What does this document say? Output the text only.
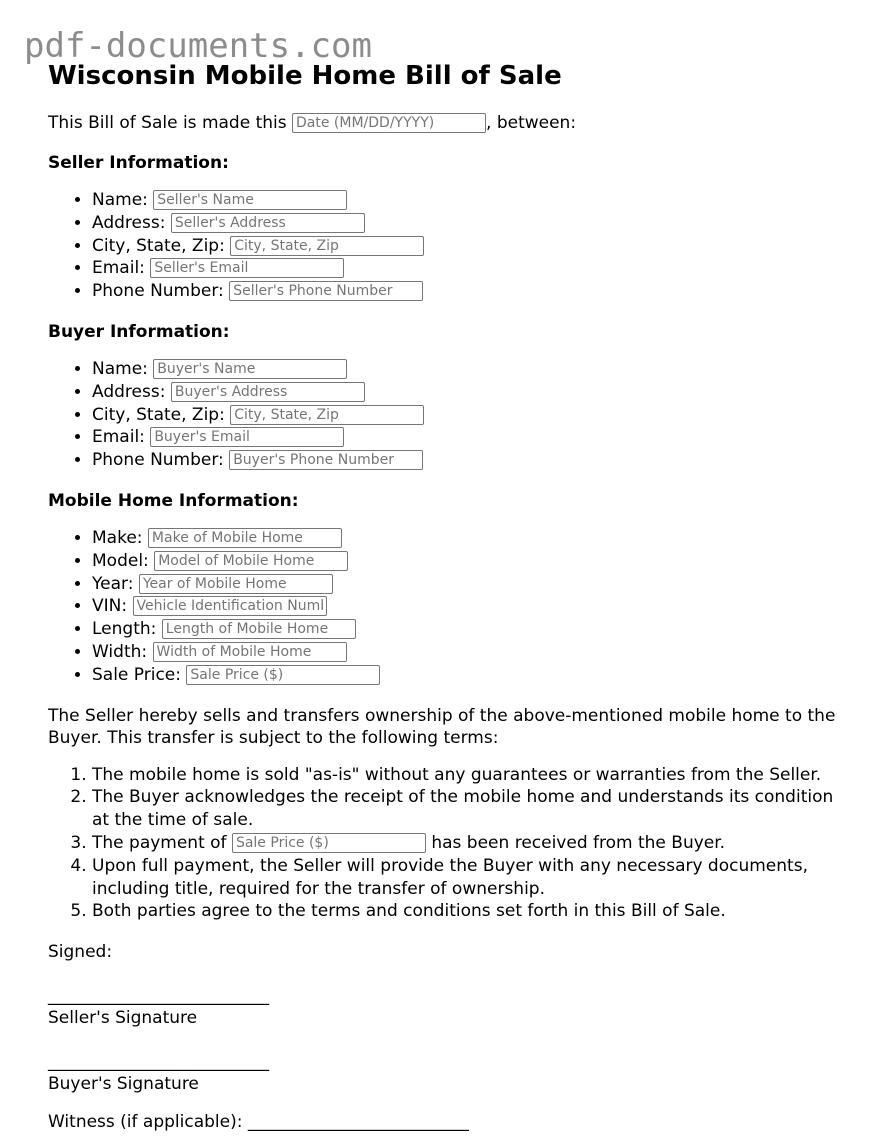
pdf-documents.com
Wisconsin Mobile Home Bill of Sale
This Bill of Sale is made this Date (MM/DD/YYYY)	, between:
Seller Information:
• Name: Seller's Name
• Address: Seller's Address
• City, State, Zip: City, State, Zip
• Email: Seller's Email
• Phone Number: Seller's Phone Number
Buyer Information:
• Name: Buyer's Name
• Address: Buyer's Address
• City, State, Zip: City, State, Zip
• Email: Buyer's Email
• Phone Number: Buyer's Phone Number
Mobile Home Information:
• Make: Make of Mobile Home
• Model: Model of Mobile Home
• Year: Year of Mobile Home
• VIN: Vehicle Identification Number
• Length: Length of Mobile Home
• Width: Width of Mobile Home
• Sale Price: Sale Price ($)

The Seller hereby sells and transfers ownership of the above-mentioned mobile home to the Buyer. This transfer is subject to the following terms:

1. The mobile home is sold "as-is" without any guarantees or warranties from the Seller.
2. The Buyer acknowledges the receipt of the mobile home and understands its condition at the time of sale.
3. The payment of Sale Price ($)	has been received from the Buyer.
4. Upon full payment, the Seller will provide the Buyer with any necessary documents, including title, required for the transfer of ownership.
5. Both parties agree to the terms and conditions set forth in this Bill of Sale.
Signed:
__________________________
Seller's Signature
__________________________
Buyer's Signature
Witness (if applicable): __________________________
